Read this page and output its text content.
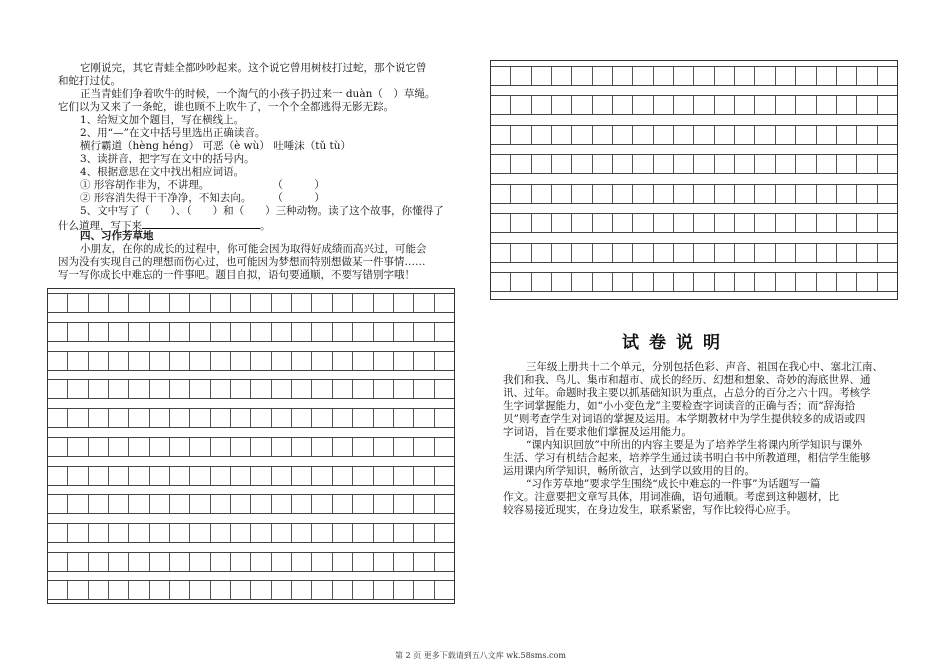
它刚说完，其它青蛙全都吵吵起来。这个说它曾用树枝打过蛇，那个说它曾
和蛇打过仗。
正当青蛙们争着吹牛的时候，一个淘气的小孩子扔过来一 duàn（　）草绳。
它们以为又来了一条蛇，谁也顾不上吹牛了，一个个全都逃得无影无踪。
1、给短文加个题目，写在横线上。
2、用“—”在文中括号里选出正确读音。
横行霸道（hèng héng） 可恶（è wù） 吐唾沫（tǔ tù）
3、读拼音，把字写在文中的括号内。
4、根据意思在文中找出相应词语。
① 形容胡作非为，不讲理。　　　　　　　（　　　）
② 形容消失得干干净净，不知去向。　　　（　　　）
5、文中写了（　　）、（　　）和（　　）三种动物。读了这个故事，你懂得了
什么道理，写下来	。
四、习作芳草地
小朋友，在你的成长的过程中，你可能会因为取得好成绩而高兴过，可能会
因为没有实现自己的理想而伤心过，也可能因为梦想而特别想做某一件事情……
写一写你成长中难忘的一件事吧。题目自拟，语句要通顺，不要写错别字哦！
试卷说明
三年级上册共十二个单元，分别包括色彩、声音、祖国在我心中、塞北江南、
我们和我、鸟儿、集市和超市、成长的经历、幻想和想象、奇妙的海底世界、通
讯、过年。命题时我主要以抓基础知识为重点，占总分的百分之六十四。考核学
生字词掌握能力，如“小小变色龙”主要检查字词读音的正确与否；而“辞海拾
贝”则考查学生对词语的掌握及运用。本学期教材中为学生提供较多的成语或四
字词语，旨在要求他们掌握及运用能力。
“课内知识回放”中所出的内容主要是为了培养学生将课内所学知识与课外
生活、学习有机结合起来，培养学生通过读书明白书中所教道理，相信学生能够
运用课内所学知识，畅所欲言，达到学以致用的目的。
“习作芳草地”要求学生围绕“成长中难忘的一件事”为话题写一篇
作文。注意要把文章写具体，用词准确，语句通顺。考虑到这种题材，比
较容易接近现实，在身边发生，联系紧密，写作比较得心应手。
第 2 页 更多下载请到五八文库 wk.58sms.com
